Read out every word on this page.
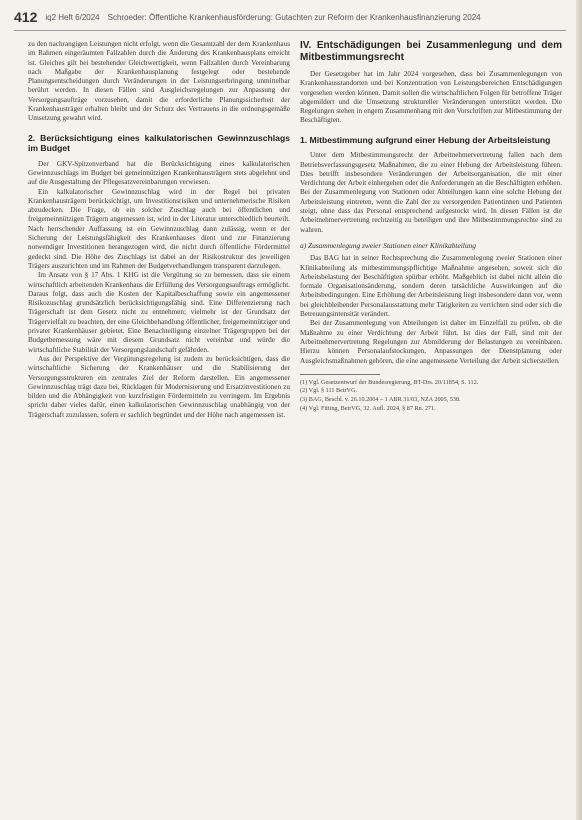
412 iq2 Heft 6/2024 Schroeder: Öffentliche Krankenhausförderung: Gutachten zur Reform der Krankenhausfinanzierung 2024

zu den nachrangigen Leistungen nicht erfolgt, wenn die Gesamtzahl der dem Krankenhaus im Rahmen eingeräumten Fallzahlen durch die Änderung des Krankenhausplans erreicht ist. Gleiches gilt bei bestehender Gleichwertigkeit, wenn Fallzahlen durch Vereinbarung nach Maßgabe der Krankenhausplanung festgelegt oder bestehende Planungsentscheidungen durch Veränderungen in der Leistungserbringung unmittelbar berührt werden. In diesen Fällen sind Ausgleichsregelungen zur Anpassung der Versorgungsaufträge vorzusehen, damit die erforderliche Planungssicherheit der Krankenhausträger erhalten bleibt und der Schutz des Vertrauens in die ordnungsgemäße Umsetzung gewahrt wird.

2. Berücksichtigung eines kalkulatorischen Gewinnzuschlags im Budget

Der GKV-Spitzenverband hat die Berücksichtigung eines kalkulatorischen Gewinnzuschlags im Budget bei gemeinnützigen Krankenhausträgern stets abgelehnt und auf die Ausgestaltung der Pflegesatzvereinbarungen verwiesen.

Ein kalkulatorischer Gewinnzuschlag wird in der Regel bei privaten Krankenhausträgern berücksichtigt, um Investitionsrisiken und unternehmerische Risiken abzudecken. Die Frage, ob ein solcher Zuschlag auch bei öffentlichen und freigemeinnützigen Trägern angemessen ist, wird in der Literatur unterschiedlich beurteilt. Nach herrschender Auffassung ist ein Gewinnzuschlag dann zulässig, wenn er der Sicherung der Leistungsfähigkeit des Krankenhauses dient und zur Finanzierung notwendiger Investitionen herangezogen wird, die nicht durch öffentliche Fördermittel gedeckt sind. Die Höhe des Zuschlags ist dabei an der Risikostruktur des jeweiligen Trägers auszurichten und im Rahmen der Budgetverhandlungen transparent darzulegen.

Im Ansatz von § 17 Abs. 1 KHG ist die Vergütung so zu bemessen, dass sie einem wirtschaftlich arbeitenden Krankenhaus die Erfüllung des Versorgungsauftrags ermöglicht. Daraus folgt, dass auch die Kosten der Kapitalbeschaffung sowie ein angemessener Risikozuschlag grundsätzlich berücksichtigungsfähig sind. Eine Differenzierung nach Trägerschaft ist dem Gesetz nicht zu entnehmen; vielmehr ist der Grundsatz der Trägervielfalt zu beachten, der eine Gleichbehandlung öffentlicher, freigemeinnütziger und privater Krankenhäuser gebietet. Eine Benachteiligung einzelner Trägergruppen bei der Budgetbemessung wäre mit diesem Grundsatz nicht vereinbar und würde die wirtschaftliche Stabilität der Versorgungslandschaft gefährden.

Aus der Perspektive der Vergütungsregelung ist zudem zu berücksichtigen, dass die wirtschaftliche Sicherung der Krankenhäuser und die Stabilisierung der Versorgungsstrukturen ein zentrales Ziel der Reform darstellen. Ein angemessener Gewinnzuschlag trägt dazu bei, Rücklagen für Modernisierung und Ersatzinvestitionen zu bilden und die Abhängigkeit von kurzfristigen Fördermitteln zu verringern. Im Ergebnis spricht daher vieles dafür, einen kalkulatorischen Gewinnzuschlag unabhängig von der Trägerschaft zuzulassen, sofern er sachlich begründet und der Höhe nach angemessen ist.

IV. Entschädigungen bei Zusammenlegung und dem Mitbestimmungsrecht

Der Gesetzgeber hat im Jahr 2024 vorgesehen, dass bei Zusammenlegungen von Krankenhausstandorten und bei Konzentration von Leistungsbereichen Entschädigungen vorgesehen werden können. Damit sollen die wirtschaftlichen Folgen für betroffene Träger abgemildert und die Umsetzung struktureller Veränderungen unterstützt werden. Die Regelungen stehen in engem Zusammenhang mit den Vorschriften zur Mitbestimmung der Beschäftigten.

1. Mitbestimmung aufgrund einer Hebung der Arbeitsleistung

Unter dem Mitbestimmungsrecht der Arbeitnehmervertretung fallen nach dem Betriebsverfassungsgesetz Maßnahmen, die zu einer Hebung der Arbeitsleistung führen. Dies betrifft insbesondere Veränderungen der Arbeitsorganisation, die mit einer Verdichtung der Arbeit einhergehen oder die Anforderungen an die Beschäftigten erhöhen. Bei der Zusammenlegung von Stationen oder Abteilungen kann eine solche Hebung der Arbeitsleistung eintreten, wenn die Zahl der zu versorgenden Patientinnen und Patienten steigt, ohne dass das Personal entsprechend aufgestockt wird. In diesen Fällen ist die Arbeitnehmervertretung rechtzeitig zu beteiligen und ihre Mitbestimmungsrechte sind zu wahren.

a) Zusammenlegung zweier Stationen einer Klinikabteilung

Das BAG hat in seiner Rechtsprechung die Zusammenlegung zweier Stationen einer Klinikabteilung als mitbestimmungspflichtige Maßnahme angesehen, soweit sich die Arbeitsbelastung der Beschäftigten spürbar erhöht. Maßgeblich ist dabei nicht allein die formale Organisationsänderung, sondern deren tatsächliche Auswirkungen auf die Arbeitsbedingungen. Eine Erhöhung der Arbeitsleistung liegt insbesondere dann vor, wenn bei gleichbleibender Personalausstattung mehr Tätigkeiten zu verrichten sind oder sich die Betreuungsintensität verändert.

Bei der Zusammenlegung von Abteilungen ist daher im Einzelfall zu prüfen, ob die Maßnahme zu einer Verdichtung der Arbeit führt. Ist dies der Fall, sind mit der Arbeitnehmervertretung Regelungen zur Abmilderung der Belastungen zu vereinbaren. Hierzu können Personalaufstockungen, Anpassungen der Dienstplanung oder Ausgleichsmaßnahmen gehören, die eine angemessene Verteilung der Arbeit sicherstellen.

(1) Vgl. Gesetzentwurf der Bundesregierung, BT-Drs. 20/11854, S. 112.
(2) Vgl. § 111 BetrVG.
(3) BAG, Beschl. v. 26.10.2004 – 1 ABR 31/03, NZA 2005, 538.
(4) Vgl. Fitting, BetrVG, 32. Aufl. 2024, § 87 Rn. 271.
